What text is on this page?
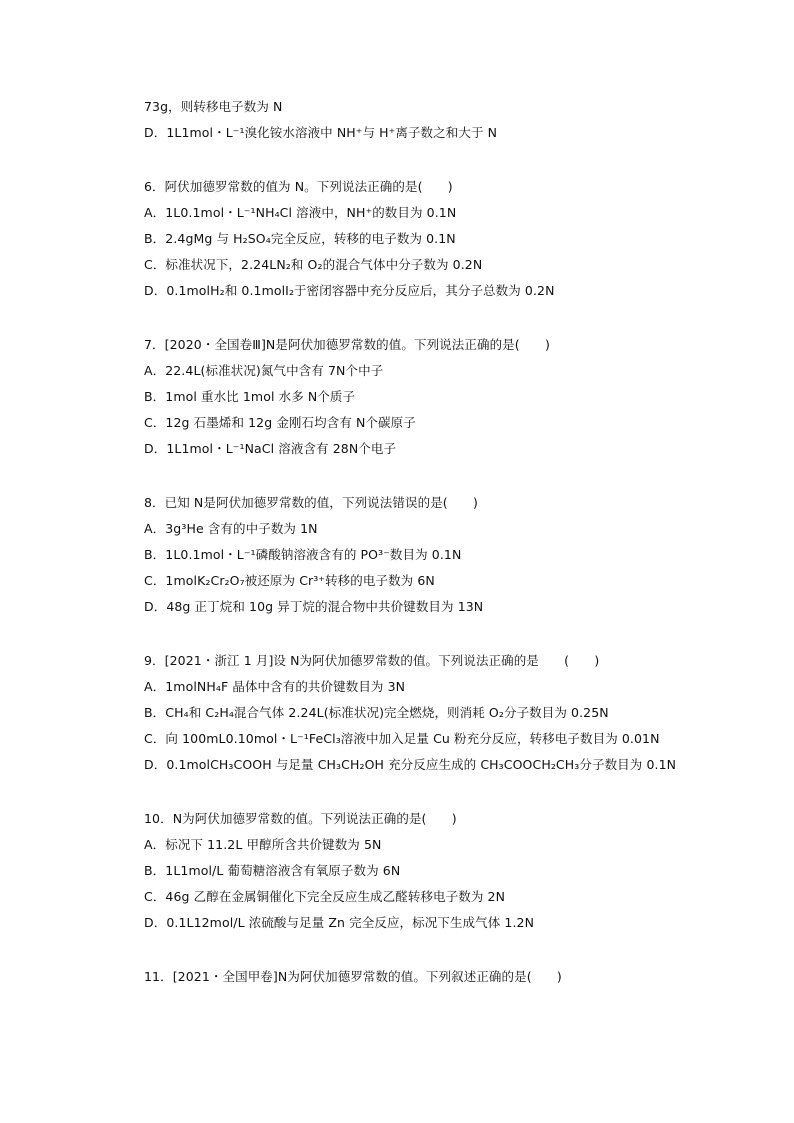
73g，则转移电子数为 N
D．1L1mol・L⁻¹溴化铵水溶液中 NH⁺与 H⁺离子数之和大于 N
6．阿伏加德罗常数的值为 N。下列说法正确的是(　　)
A．1L0.1mol・L⁻¹NH₄Cl 溶液中，NH⁺的数目为 0.1N
B．2.4gMg 与 H₂SO₄完全反应，转移的电子数为 0.1N
C．标准状况下，2.24LN₂和 O₂的混合气体中分子数为 0.2N
D．0.1molH₂和 0.1molI₂于密闭容器中充分反应后，其分子总数为 0.2N
7．[2020・全国卷Ⅲ]N是阿伏加德罗常数的值。下列说法正确的是(　　)
A．22.4L(标准状况)氮气中含有 7N个中子
B．1mol 重水比 1mol 水多 N个质子
C．12g 石墨烯和 12g 金刚石均含有 N个碳原子
D．1L1mol・L⁻¹NaCl 溶液含有 28N个电子
8．已知 N是阿伏加德罗常数的值，下列说法错误的是(　　)
A．3g³He 含有的中子数为 1N
B．1L0.1mol・L⁻¹磷酸钠溶液含有的 PO³⁻数目为 0.1N
C．1molK₂Cr₂O₇被还原为 Cr³⁺转移的电子数为 6N
D．48g 正丁烷和 10g 异丁烷的混合物中共价键数目为 13N
9．[2021・浙江 1 月]设 N为阿伏加德罗常数的值。下列说法正确的是　　(　　)
A．1molNH₄F 晶体中含有的共价键数目为 3N
B．CH₄和 C₂H₄混合气体 2.24L(标准状况)完全燃烧，则消耗 O₂分子数目为 0.25N
C．向 100mL0.10mol・L⁻¹FeCl₃溶液中加入足量 Cu 粉充分反应，转移电子数目为 0.01N
D．0.1molCH₃COOH 与足量 CH₃CH₂OH 充分反应生成的 CH₃COOCH₂CH₃分子数目为 0.1N
10．N为阿伏加德罗常数的值。下列说法正确的是(　　)
A．标况下 11.2L 甲醇所含共价键数为 5N
B．1L1mol/L 葡萄糖溶液含有氧原子数为 6N
C．46g 乙醇在金属铜催化下完全反应生成乙醛转移电子数为 2N
D．0.1L12mol/L 浓硫酸与足量 Zn 完全反应，标况下生成气体 1.2N
11．[2021・全国甲卷]N为阿伏加德罗常数的值。下列叙述正确的是(　　)
